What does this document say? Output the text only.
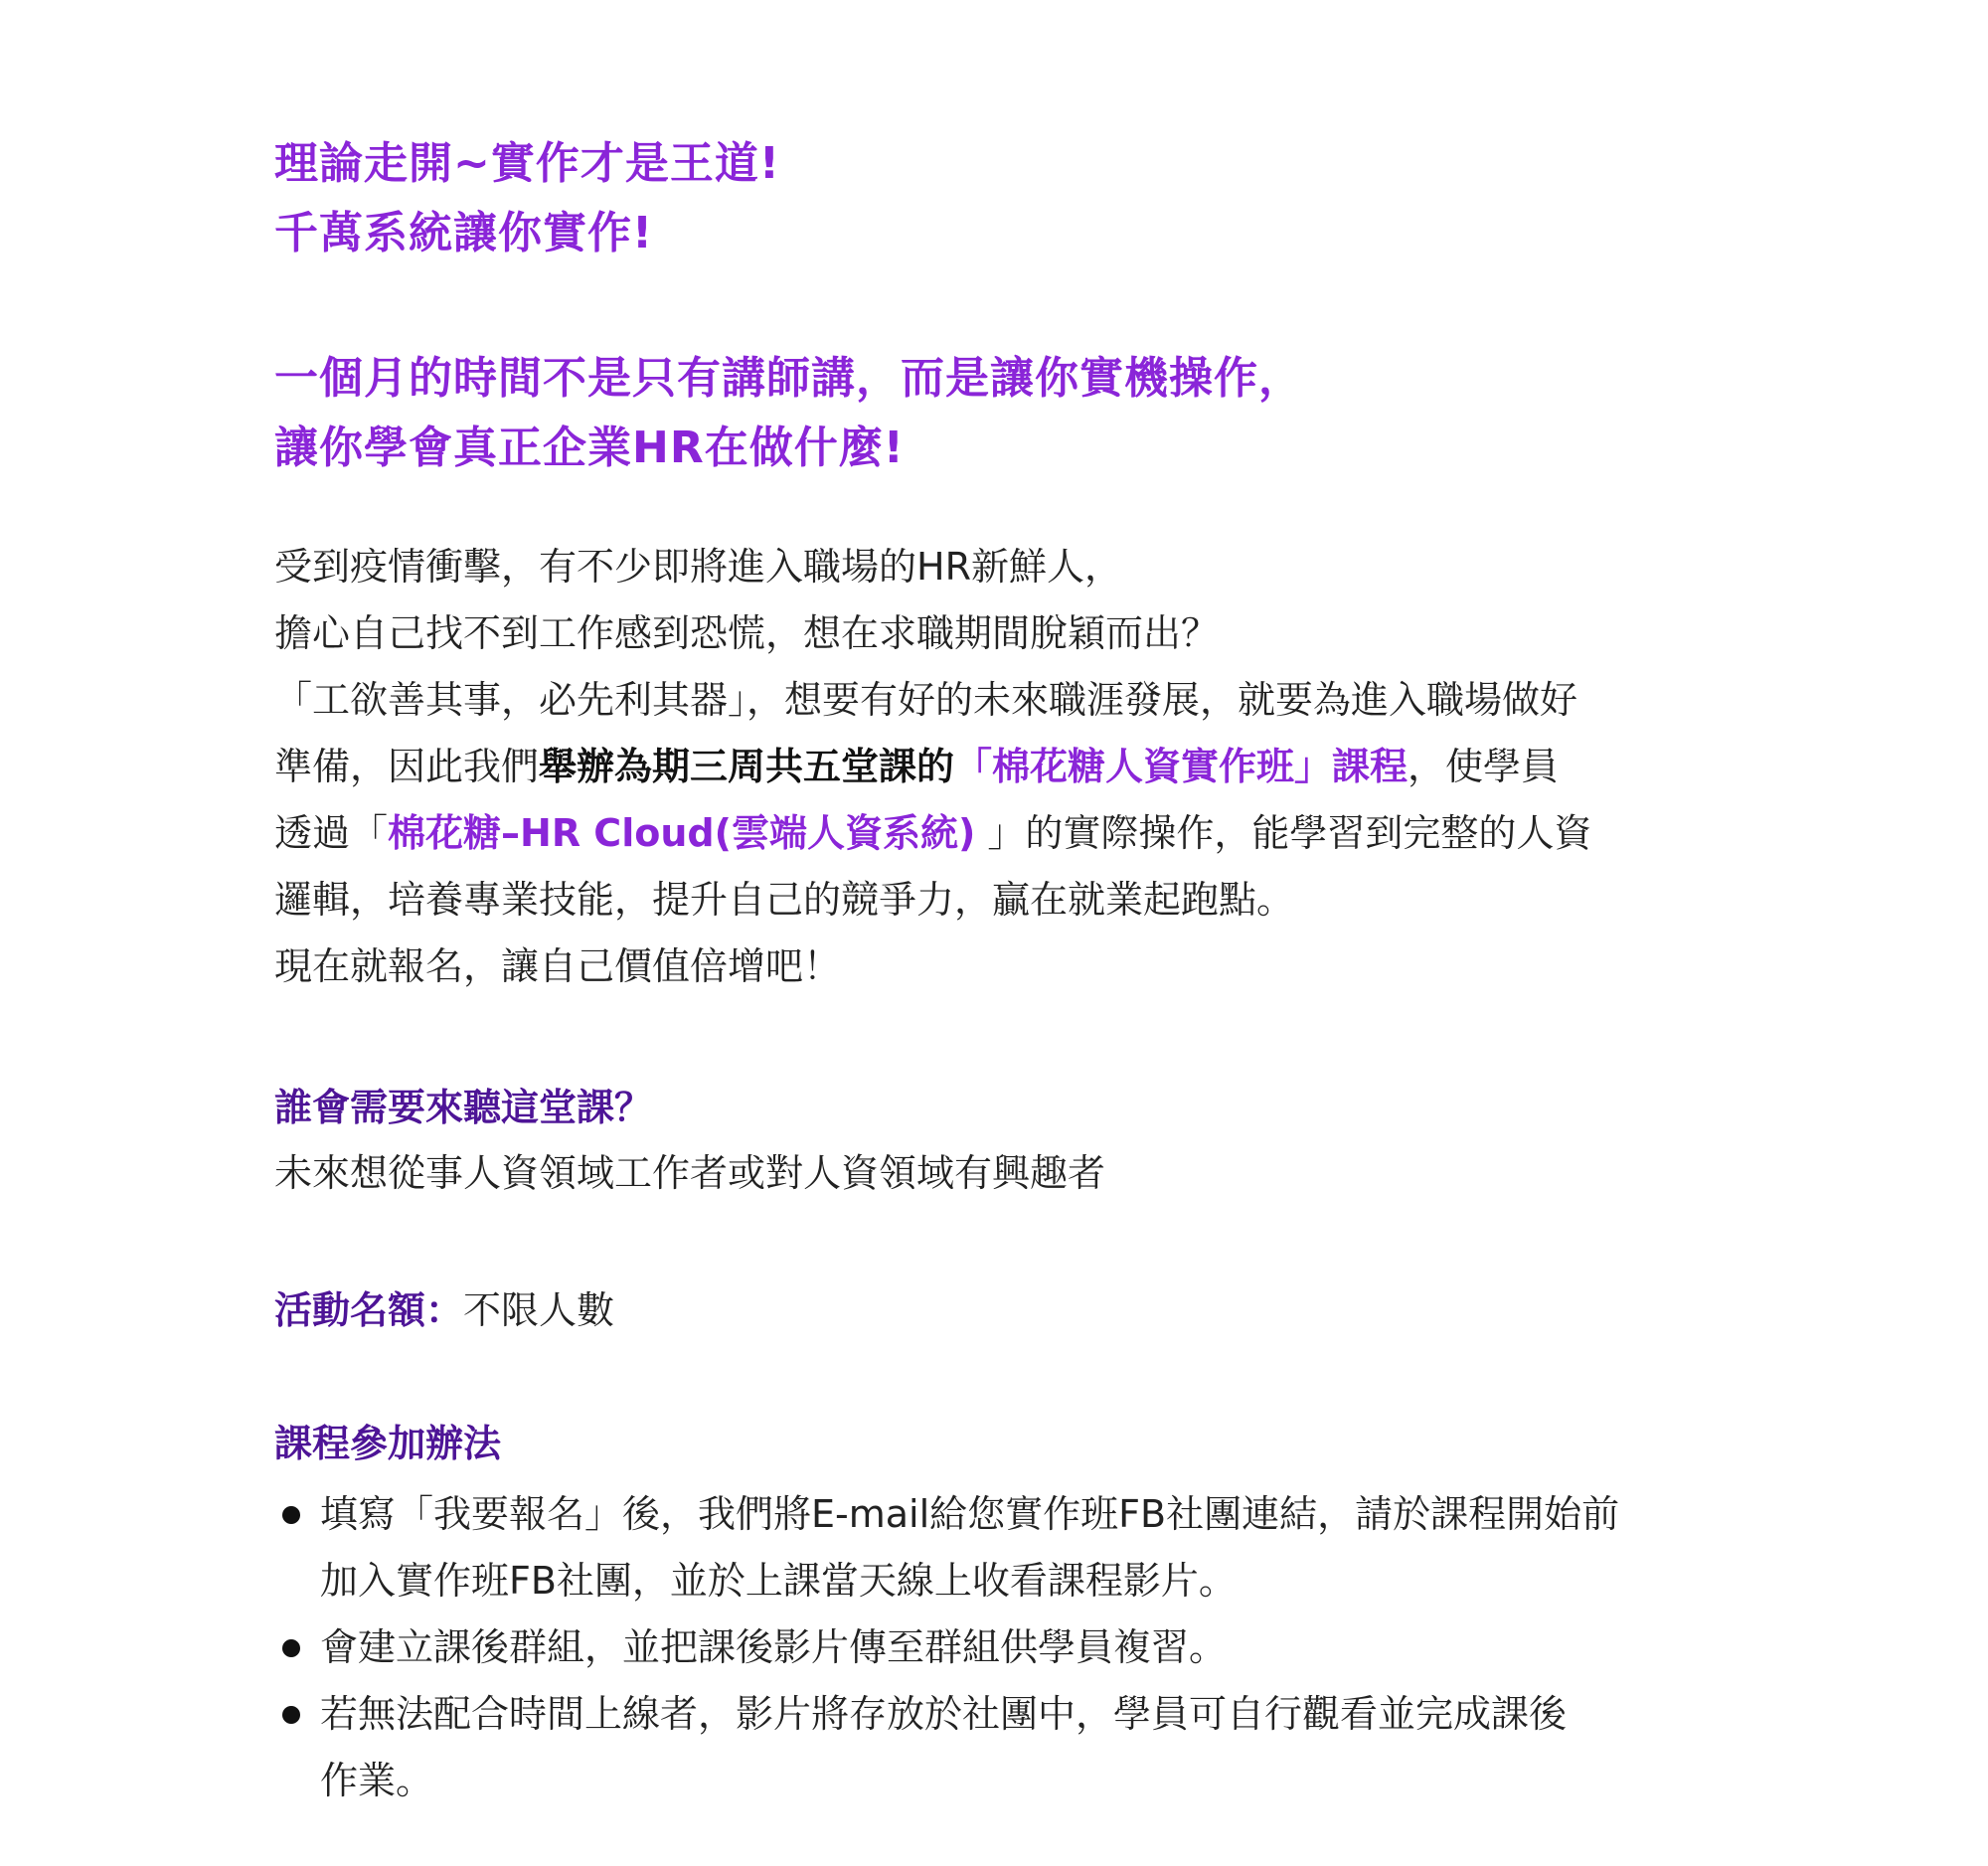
理論走開~實作才是王道!
千萬系統讓你實作!
一個月的時間不是只有講師講，而是讓你實機操作，
讓你學會真正企業HR在做什麼!
受到疫情衝擊，有不少即將進入職場的HR新鮮人，
擔心自己找不到工作感到恐慌，想在求職期間脫穎而出？
「工欲善其事，必先利其器」，想要有好的未來職涯發展，就要為進入職場做好
準備，因此我們舉辦為期三周共五堂課的「棉花糖人資實作班」課程，使學員
透過「棉花糖–HR Cloud(雲端人資系統) 」的實際操作，能學習到完整的人資
邏輯，培養專業技能，提升自己的競爭力，贏在就業起跑點。
現在就報名，讓自己價值倍增吧！
誰會需要來聽這堂課？
未來想從事人資領域工作者或對人資領域有興趣者
活動名額：不限人數
課程參加辦法
填寫「我要報名」後，我們將E-mail給您實作班FB社團連結，請於課程開始前
加入實作班FB社團，並於上課當天線上收看課程影片。
會建立課後群組，並把課後影片傳至群組供學員複習。
若無法配合時間上線者，影片將存放於社團中，學員可自行觀看並完成課後
作業。
